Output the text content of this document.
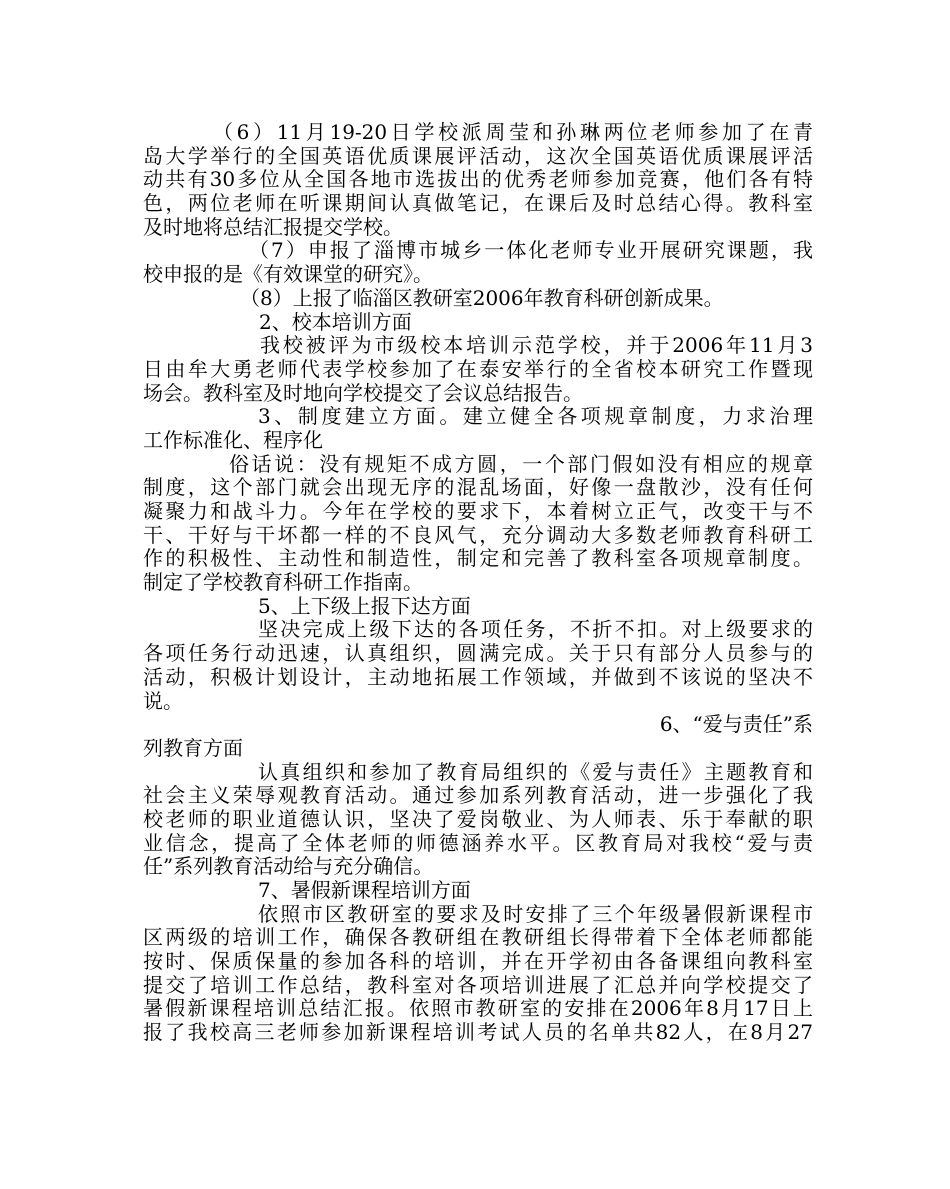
（6）11月19-20日学校派周莹和孙琳两位老师参加了在青
岛大学举行的全国英语优质课展评活动，这次全国英语优质课展评活
动共有30多位从全国各地市选拔出的优秀老师参加竞赛，他们各有特
色，两位老师在听课期间认真做笔记，在课后及时总结心得。教科室
及时地将总结汇报提交学校。
（7）申报了淄博市城乡一体化老师专业开展研究课题，我
校申报的是《有效课堂的研究》。
（8）上报了临淄区教研室2006年教育科研创新成果。
2、校本培训方面
我校被评为市级校本培训示范学校，并于2006年11月3
日由牟大勇老师代表学校参加了在泰安举行的全省校本研究工作暨现
场会。教科室及时地向学校提交了会议总结报告。
3、制度建立方面。建立健全各项规章制度，力求治理
工作标准化、程序化
俗话说：没有规矩不成方圆，一个部门假如没有相应的规章
制度，这个部门就会出现无序的混乱场面，好像一盘散沙，没有任何
凝聚力和战斗力。今年在学校的要求下，本着树立正气，改变干与不
干、干好与干坏都一样的不良风气，充分调动大多数老师教育科研工
作的积极性、主动性和制造性，制定和完善了教科室各项规章制度。
制定了学校教育科研工作指南。
5、上下级上报下达方面
坚决完成上级下达的各项任务，不折不扣。对上级要求的
各项任务行动迅速，认真组织，圆满完成。关于只有部分人员参与的
活动，积极计划设计，主动地拓展工作领域，并做到不该说的坚决不
说。
6、“爱与责任”系
列教育方面
认真组织和参加了教育局组织的《爱与责任》主题教育和
社会主义荣辱观教育活动。通过参加系列教育活动，进一步强化了我
校老师的职业道德认识，坚决了爱岗敬业、为人师表、乐于奉献的职
业信念，提高了全体老师的师德涵养水平。区教育局对我校“爱与责
任”系列教育活动给与充分确信。
7、暑假新课程培训方面
依照市区教研室的要求及时安排了三个年级暑假新课程市
区两级的培训工作，确保各教研组在教研组长得带着下全体老师都能
按时、保质保量的参加各科的培训，并在开学初由各备课组向教科室
提交了培训工作总结，教科室对各项培训进展了汇总并向学校提交了
暑假新课程培训总结汇报。依照市教研室的安排在2006年8月17日上
报了我校高三老师参加新课程培训考试人员的名单共82人，在8月27
